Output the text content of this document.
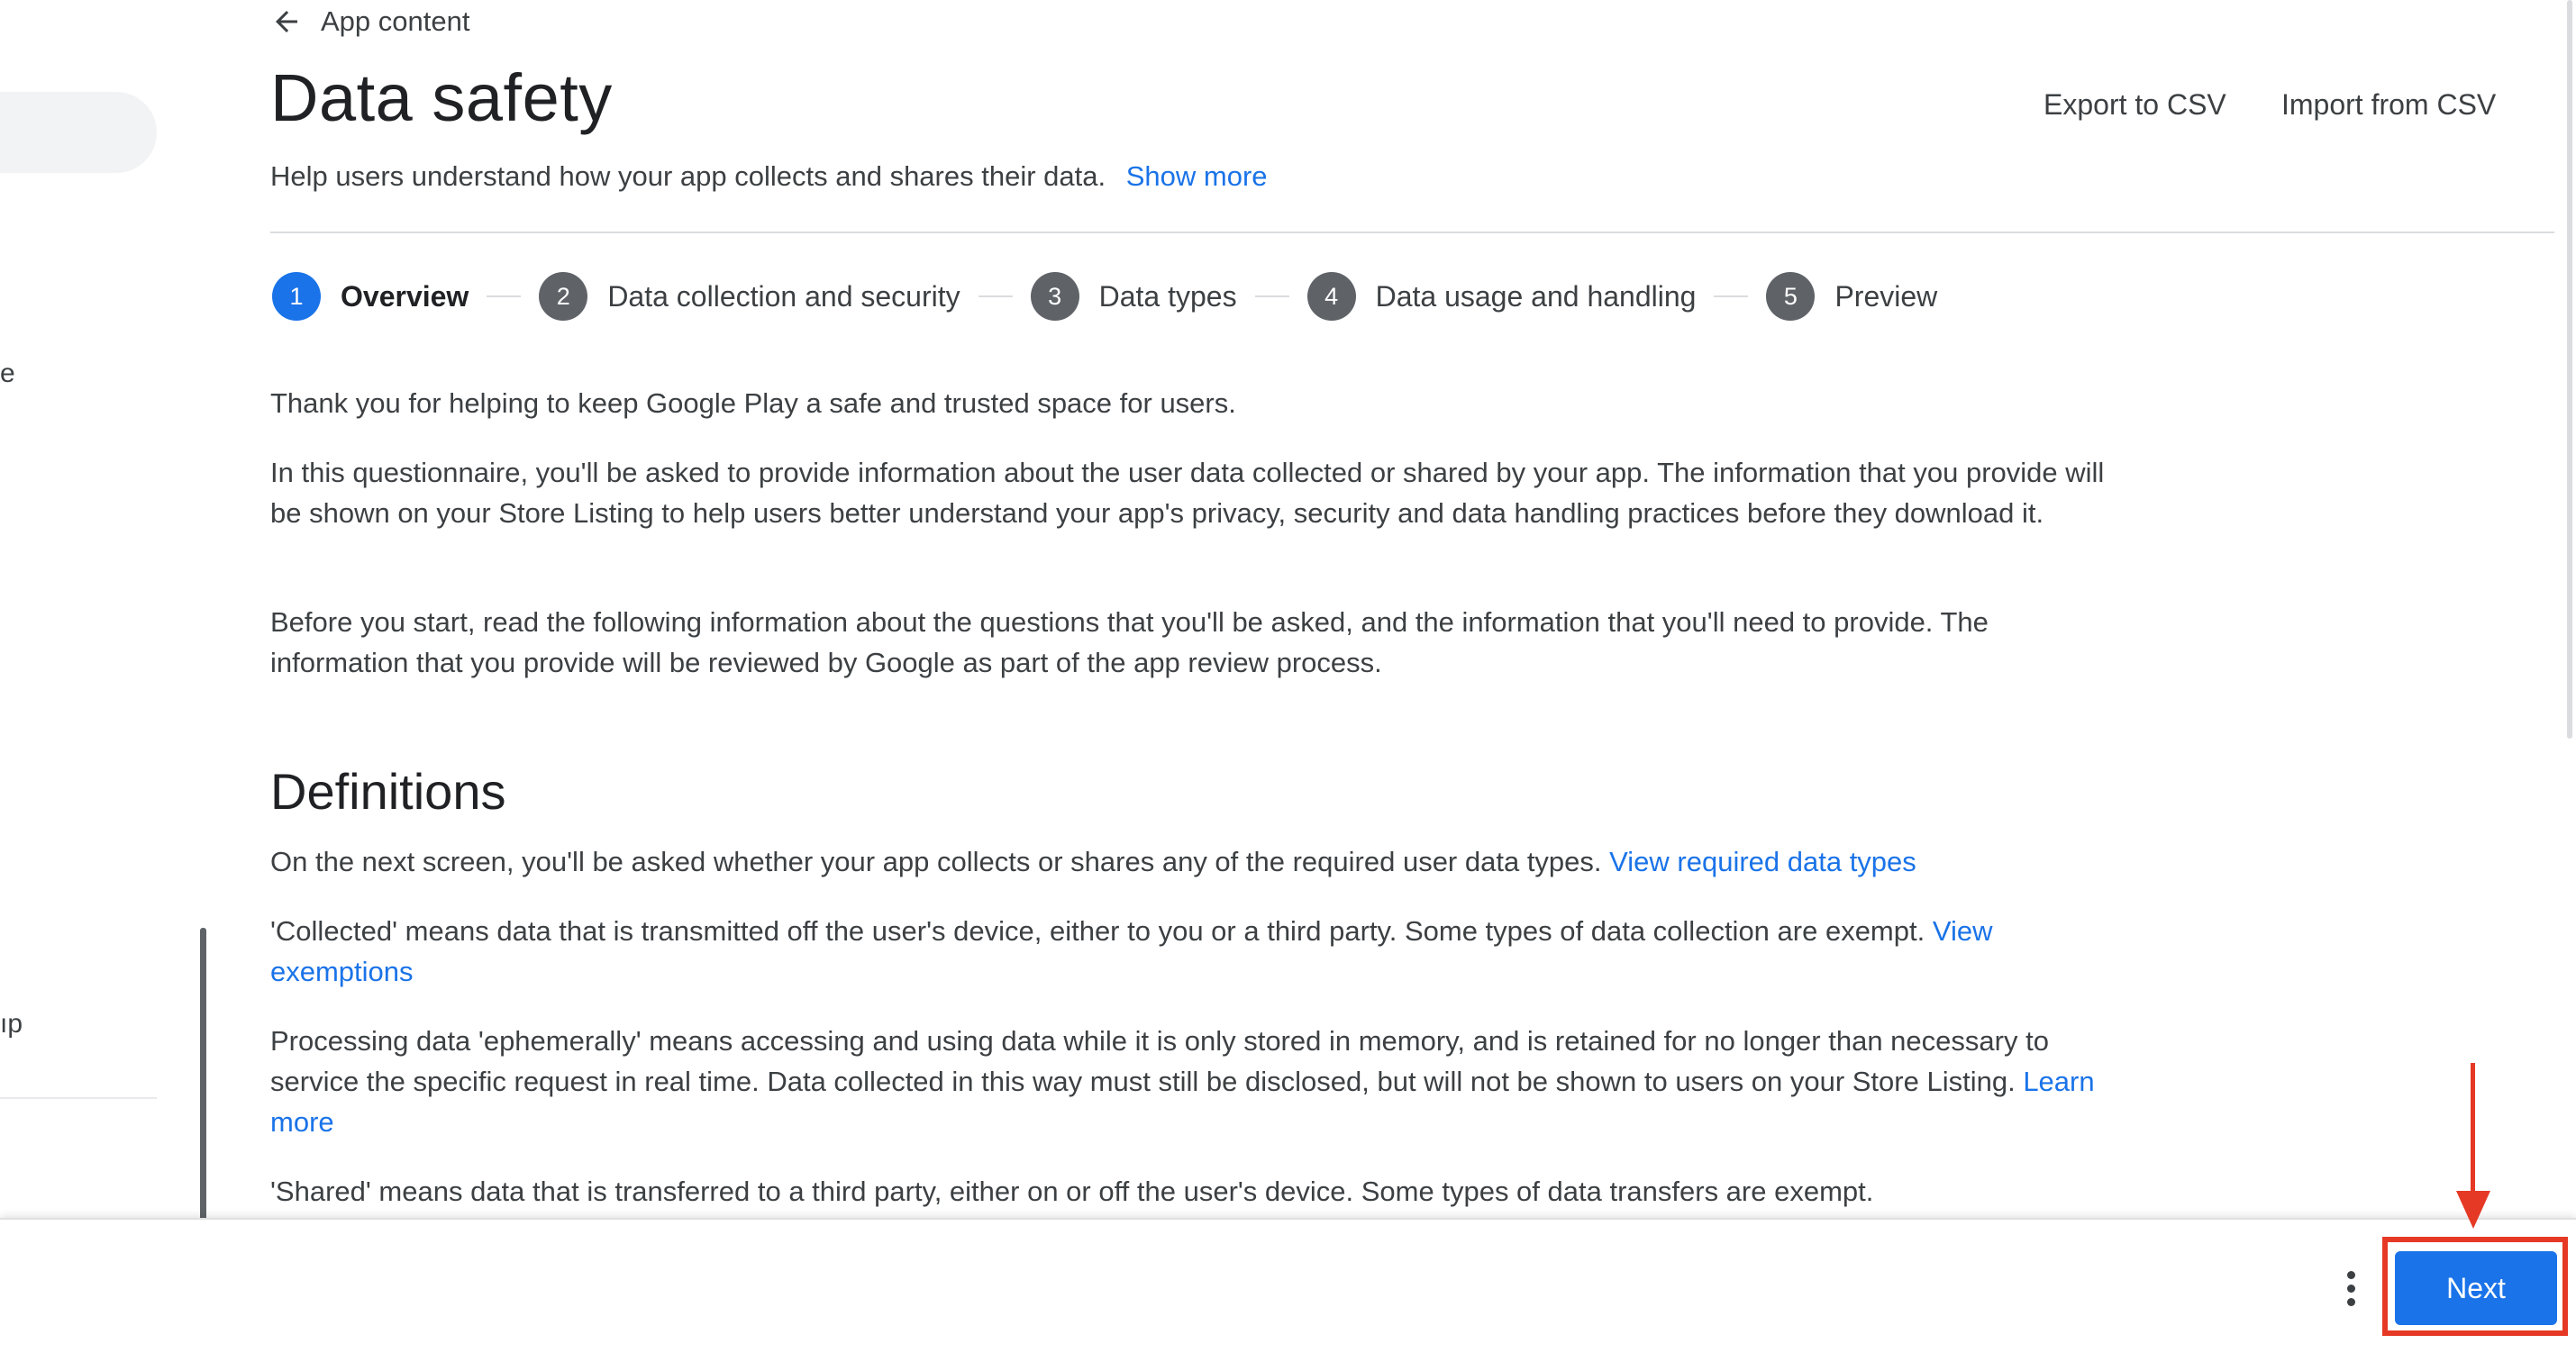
e
ıp
App content
Data safety
Help users understand how your app collects and shares their data. Show more
Export to CSV Import from CSV
1	Overview	2	Data collection and security	3	Data types	4	Data usage and handling	5	Preview
Thank you for helping to keep Google Play a safe and trusted space for users.
In this questionnaire, you'll be asked to provide information about the user data collected or shared by your app. The information that you provide will be shown on your Store Listing to help users better understand your app's privacy, security and data handling practices before they download it.
Before you start, read the following information about the questions that you'll be asked, and the information that you'll need to provide. The information that you provide will be reviewed by Google as part of the app review process.
Definitions
On the next screen, you'll be asked whether your app collects or shares any of the required user data types. View required data types
'Collected' means data that is transmitted off the user's device, either to you or a third party. Some types of data collection are exempt. View exemptions
Processing data 'ephemerally' means accessing and using data while it is only stored in memory, and is retained for no longer than necessary to service the specific request in real time. Data collected in this way must still be disclosed, but will not be shown to users on your Store Listing. Learn more
'Shared' means data that is transferred to a third party, either on or off the user's device. Some types of data transfers are exempt.
Next
